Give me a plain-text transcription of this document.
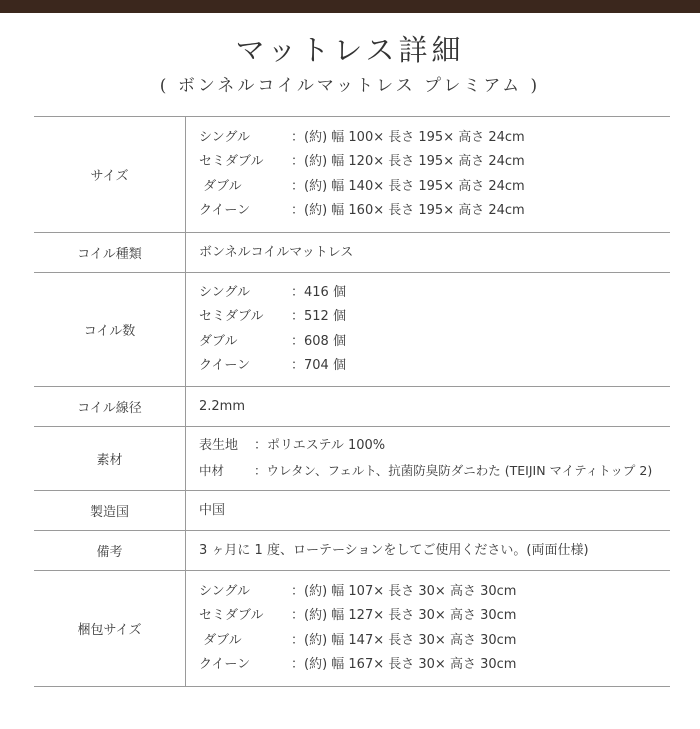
マットレス詳細
( ボンネルコイルマットレス プレミアム )
サイズ	シングル ：(約) 幅 100× 長さ 195× 高さ 24cm
セミダブル ：(約) 幅 120× 長さ 195× 高さ 24cm
ダブル ：(約) 幅 140× 長さ 195× 高さ 24cm
クイーン ：(約) 幅 160× 長さ 195× 高さ 24cm

コイル種類	ボンネルコイルマットレス

コイル数	シングル ：416 個
セミダブル ：512 個
ダブル ：608 個
クイーン ：704 個

コイル線径	2.2mm

素材	表生地 ：ポリエステル 100%
中材 ：ウレタン、フェルト、抗菌防臭防ダニわた (TEIJIN マイティトップ 2)

製造国	中国

備考	3 ヶ月に 1 度、ローテーションをしてご使用ください。(両面仕様)

梱包サイズ	シングル ：(約) 幅 107× 長さ 30× 高さ 30cm
セミダブル ：(約) 幅 127× 長さ 30× 高さ 30cm
ダブル ：(約) 幅 147× 長さ 30× 高さ 30cm
クイーン ：(約) 幅 167× 長さ 30× 高さ 30cm
